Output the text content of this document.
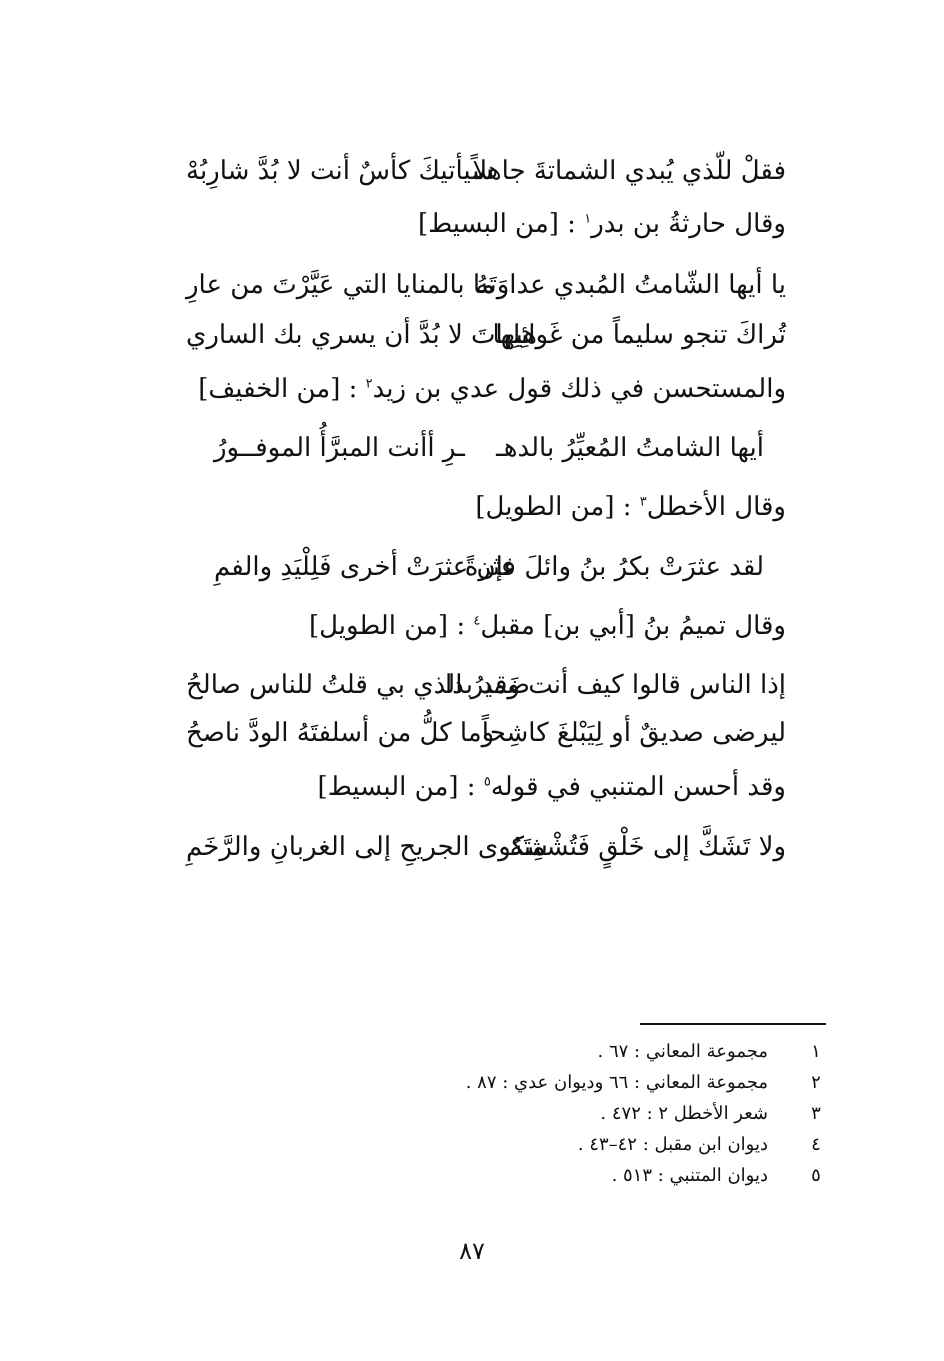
فقلْ للّذي يُبدي الشماتةَ جاهلاً
سيأتيكَ كأسٌ أنت لا بُدَّ شارِبُهْ
وقال حارثةُ بن بدر$^١$ : [من البسيط]
يا أيها الشّامتُ المُبدي عداوَتَهُ
ما بالمنايا التي عَيَّرْتَ من عارِ
تُراكَ تنجو سليماً من غَوائِلِها
هيهاتَ لا بُدَّ أن يسري بك الساري
والمستحسن في ذلك قول عدي بن زيد$^٢$ : [من الخفيف]
أيها الشامتُ المُعيِّرُ بالدهـ
ـرِ أأنت المبرَّأُ الموفــورُ
وقال الأخطل$^٣$ : [من الطويل]
لقد عثرَتْ بكرُ بنُ وائلَ عثرةً
فإن عثرَتْ أخرى فَلِلْيَدِ والفمِ
وقال تميمُ بنُ [أبي بن] مقبل$^٤$ : [من الطويل]
إذا الناس قالوا كيف أنت وقد بدا
ضَميرُ الذي بي قلتُ للناس صالحُ
ليرضى صديقٌ أو لِيَبْلغَ كاشِحاً
وما كلُّ من أسلفتَهُ الودَّ ناصحُ
وقد أحسن المتنبي في قوله$^٥$ : [من البسيط]
ولا تَشَكَّ إلى خَلْقٍ فَتُشْمِتَهُ
شكوى الجريحِ إلى الغربانِ والرَّخَمِ
١
مجموعة المعاني : ٦٧ .
٢
مجموعة المعاني : ٦٦ وديوان عدي : ٨٧ .
٣
شعر الأخطل ٢ : ٤٧٢ .
٤
ديوان ابن مقبل : ٤٢–٤٣ .
٥
ديوان المتنبي : ٥١٣ .
٨٧
